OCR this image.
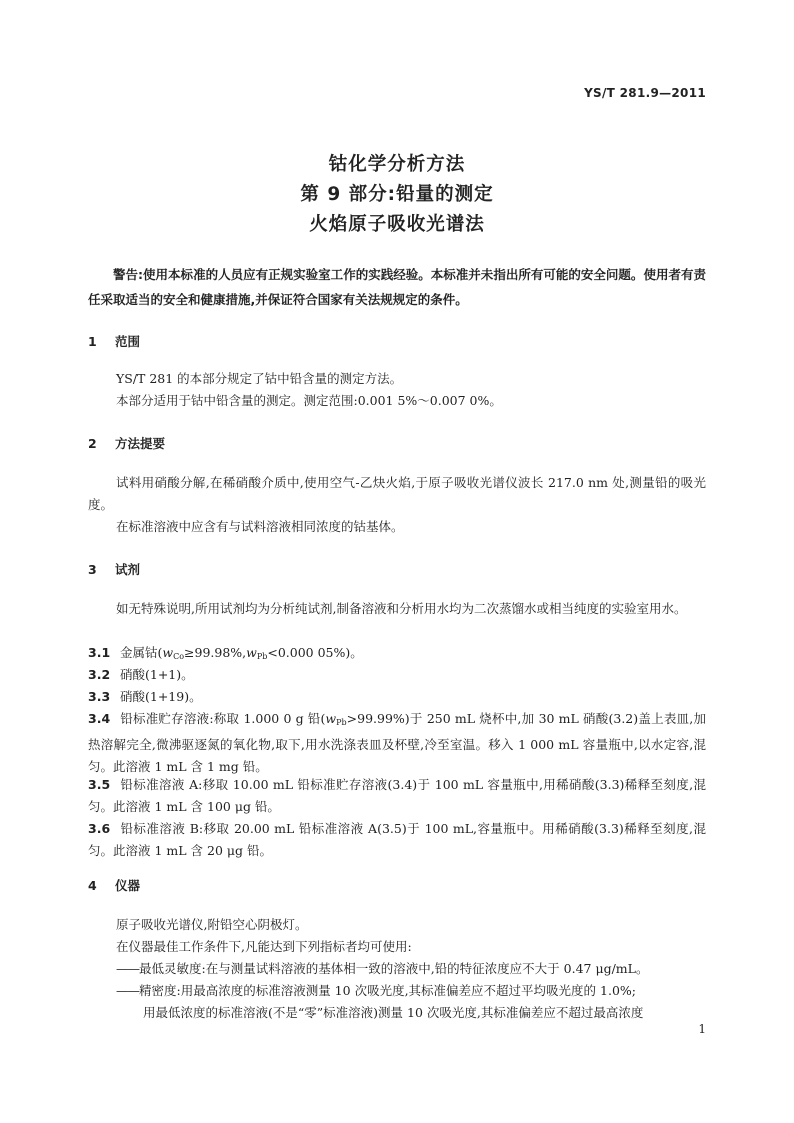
YS/T 281.9—2011
钴化学分析方法
第 9 部分:铅量的测定
火焰原子吸收光谱法
警告:使用本标准的人员应有正规实验室工作的实践经验。本标准并未指出所有可能的安全问题。使用者有责任采取适当的安全和健康措施,并保证符合国家有关法规规定的条件。
1 范围
YS/T 281 的本部分规定了钴中铅含量的测定方法。
本部分适用于钴中铅含量的测定。测定范围:0.001 5%～0.007 0%。
2 方法提要
试料用硝酸分解,在稀硝酸介质中,使用空气-乙炔火焰,于原子吸收光谱仪波长 217.0 nm 处,测量铅的吸光度。
在标准溶液中应含有与试料溶液相同浓度的钴基体。
3 试剂
如无特殊说明,所用试剂均为分析纯试剂,制备溶液和分析用水均为二次蒸馏水或相当纯度的实验室用水。
3.1 金属钴($w_{Co}\ge 99.98\%,w_{Pb}<0.000$ 05%)。
3.2 硝酸(1+1)。
3.3 硝酸(1+19)。
3.4 铅标准贮存溶液:称取 1.000 0 g 铅$(w_{Pb}>99.99\%)$于 250 mL 烧杯中,加 30 mL 硝酸(3.2)盖上表皿,加热溶解完全,微沸驱逐氮的氧化物,取下,用水洗涤表皿及杯壁,冷至室温。移入 1 000 mL 容量瓶中,以水定容,混匀。此溶液 1 mL 含 1 mg 铅。
3.5 铅标准溶液 A:移取 10.00 mL 铅标准贮存溶液(3.4)于 100 mL 容量瓶中,用稀硝酸(3.3)稀释至刻度,混匀。此溶液 1 mL 含 100 μg 铅。
3.6 铅标准溶液 B:移取 20.00 mL 铅标准溶液 A(3.5)于 100 mL,容量瓶中。用稀硝酸(3.3)稀释至刻度,混匀。此溶液 1 mL 含 20 μg 铅。
4 仪器
原子吸收光谱仪,附铅空心阴极灯。
在仪器最佳工作条件下,凡能达到下列指标者均可使用:
——最低灵敏度:在与测量试料溶液的基体相一致的溶液中,铅的特征浓度应不大于 0.47 μg/mL。
——精密度:用最高浓度的标准溶液测量 10 次吸光度,其标准偏差应不超过平均吸光度的 1.0%;
用最低浓度的标准溶液(不是“零”标准溶液)测量 10 次吸光度,其标准偏差应不超过最高浓度
1
